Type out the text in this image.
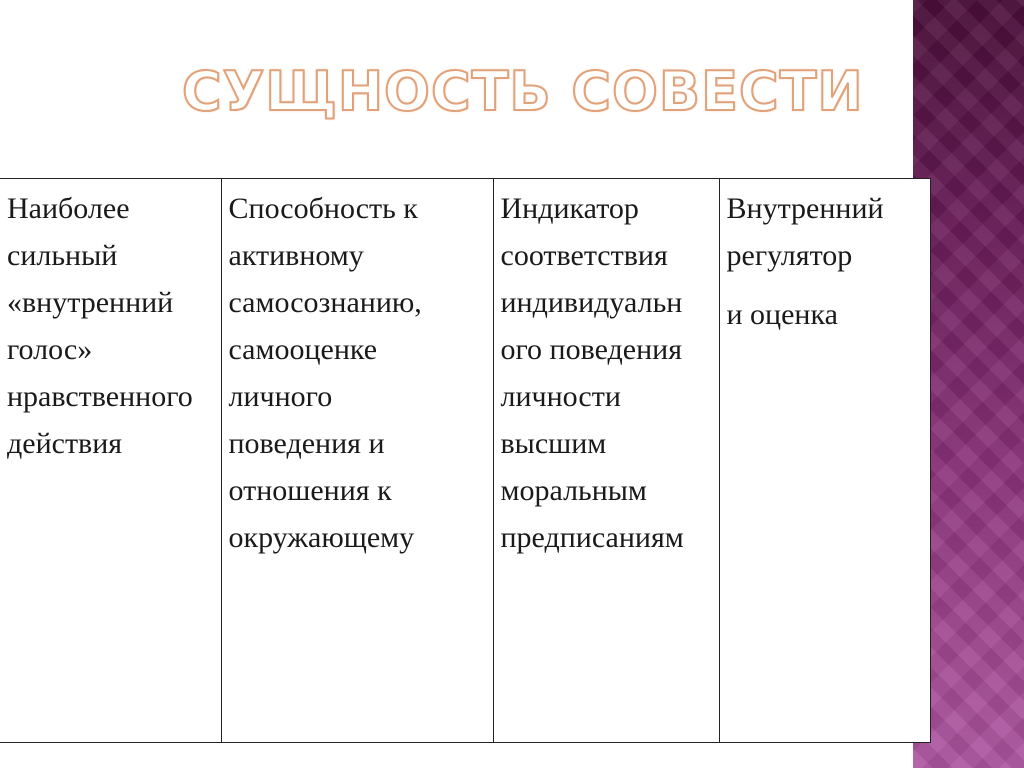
СУЩНОСТЬ СОВЕСТИ
Наиболее
сильный
«внутренний
голос»
нравственного
действия

Способность к
активному
самосознанию,
самооценке
личного
поведения и
отношения к
окружающему

Индикатор
соответствия
индивидуальн
ого поведения
личности
высшим
моральным
предписаниям

Внутренний
регулятор
и оценка
